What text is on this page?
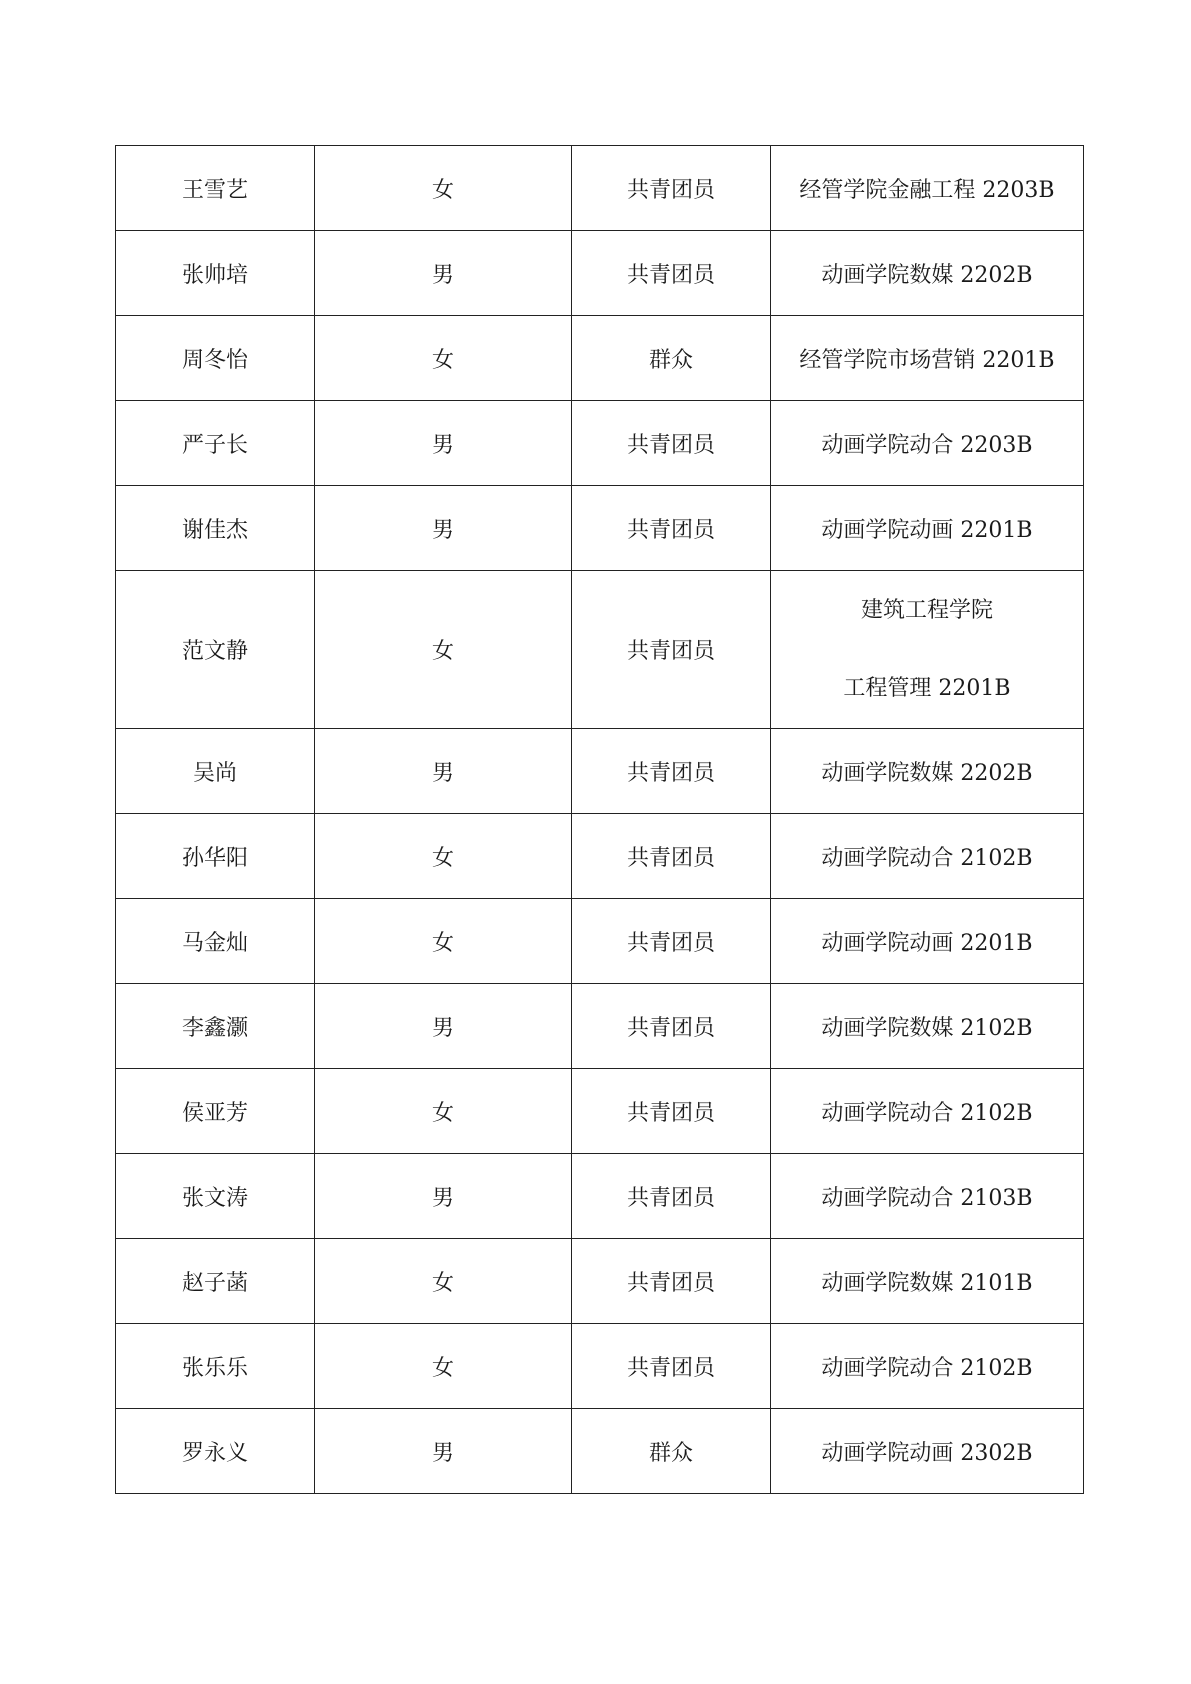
王雪艺	女	共青团员	经管学院金融工程 2203B
张帅培	男	共青团员	动画学院数媒 2202B
周冬怡	女	群众	经管学院市场营销 2201B
严子长	男	共青团员	动画学院动合 2203B
谢佳杰	男	共青团员	动画学院动画 2201B
范文静	女	共青团员	建筑工程学院
工程管理 2201B

吴尚	男	共青团员	动画学院数媒 2202B
孙华阳	女	共青团员	动画学院动合 2102B
马金灿	女	共青团员	动画学院动画 2201B
李鑫灏	男	共青团员	动画学院数媒 2102B
侯亚芳	女	共青团员	动画学院动合 2102B
张文涛	男	共青团员	动画学院动合 2103B
赵子菡	女	共青团员	动画学院数媒 2101B
张乐乐	女	共青团员	动画学院动合 2102B
罗永义	男	群众	动画学院动画 2302B
